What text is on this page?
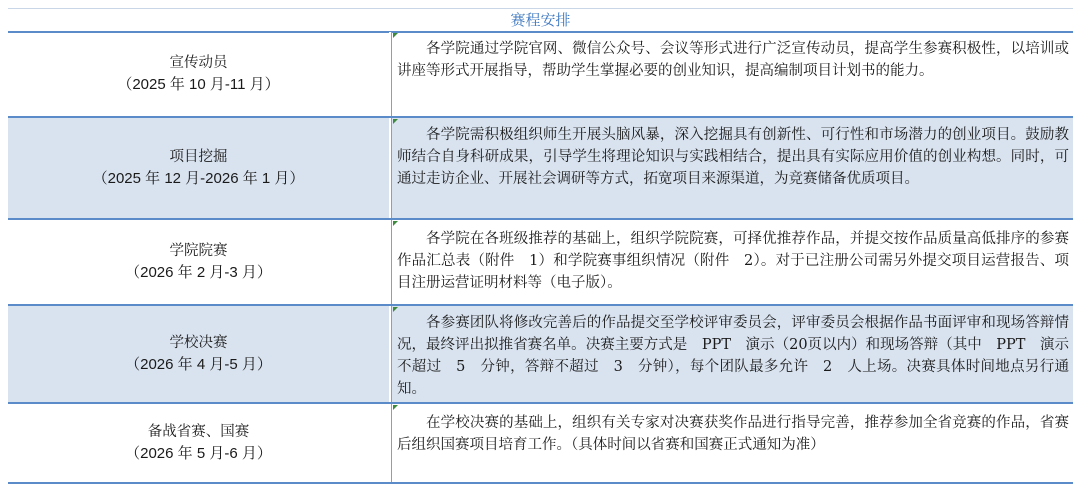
赛程安排
宣传动员
（2025 年 10 月-11 月）
各学院通过学院官网、微信公众号、会议等形式进行广泛宣传动员，提高学生参赛积极性，以培训或讲座等形式开展指导，帮助学生掌握必要的创业知识，提高编制项目计划书的能力。
项目挖掘
（2025 年 12 月-2026 年 1 月）
各学院需积极组织师生开展头脑风暴，深入挖掘具有创新性、可行性和市场潜力的创业项目。鼓励教师结合自身科研成果，引导学生将理论知识与实践相结合，提出具有实际应用价值的创业构想。同时，可通过走访企业、开展社会调研等方式，拓宽项目来源渠道，为竞赛储备优质项目。
学院院赛
（2026 年 2 月-3 月）
各学院在各班级推荐的基础上，组织学院院赛，可择优推荐作品，并提交按作品质量高低排序的参赛作品汇总表（附件　1）和学院赛事组织情况（附件　2）。对于已注册公司需另外提交项目运营报告、项目注册运营证明材料等（电子版）。
学校决赛
（2026 年 4 月-5 月）
各参赛团队将修改完善后的作品提交至学校评审委员会，评审委员会根据作品书面评审和现场答辩情况，最终评出拟推省赛名单。决赛主要方式是　PPT　演示（20页以内）和现场答辩（其中　PPT　演示不超过　5　分钟，答辩不超过　3　分钟），每个团队最多允许　2　人上场。决赛具体时间地点另行通知。
备战省赛、国赛
（2026 年 5 月-6 月）
在学校决赛的基础上，组织有关专家对决赛获奖作品进行指导完善，推荐参加全省竞赛的作品，省赛后组织国赛项目培育工作。（具体时间以省赛和国赛正式通知为准）
